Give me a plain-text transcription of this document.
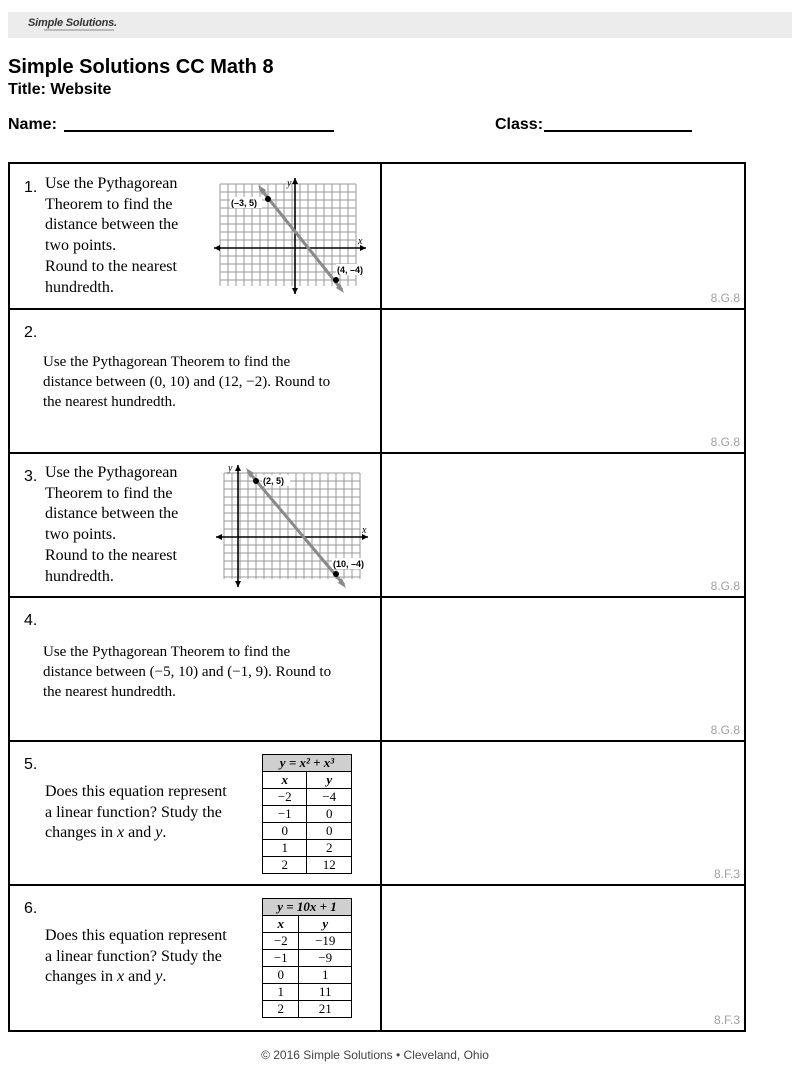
Simple Solutions.
Simple Solutions CC Math 8
Title: Website
Name:	Class:
1. Use the Pythagorean
Theorem to find the
distance between the
two points.
Round to the nearest
hundredth.
x
y
(–3, 5)
(4, –4)
8.G.8
2.
Use the Pythagorean Theorem to find the
distance between (0, 10) and (12, −2). Round to
the nearest hundredth.
8.G.8
3. Use the Pythagorean
Theorem to find the
distance between the
two points.
Round to the nearest
hundredth.
x
y
(2, 5)
(10, –4)
8.G.8
4.
Use the Pythagorean Theorem to find the
distance between (−5, 10) and (−1, 9). Round to
the nearest hundredth.
8.G.8
5.
Does this equation represent
a linear function? Study the
changes in x and y.
y = x² + x³	
x	y
−2	−4
−1	0
0	0
1	2
2	12
8.F.3
6.
Does this equation represent
a linear function? Study the
changes in x and y.
y = 10x + 1	
x	y
−2	−19
−1	−9
0	1
1	11
2	21
8.F.3
© 2016 Simple Solutions • Cleveland, Ohio
